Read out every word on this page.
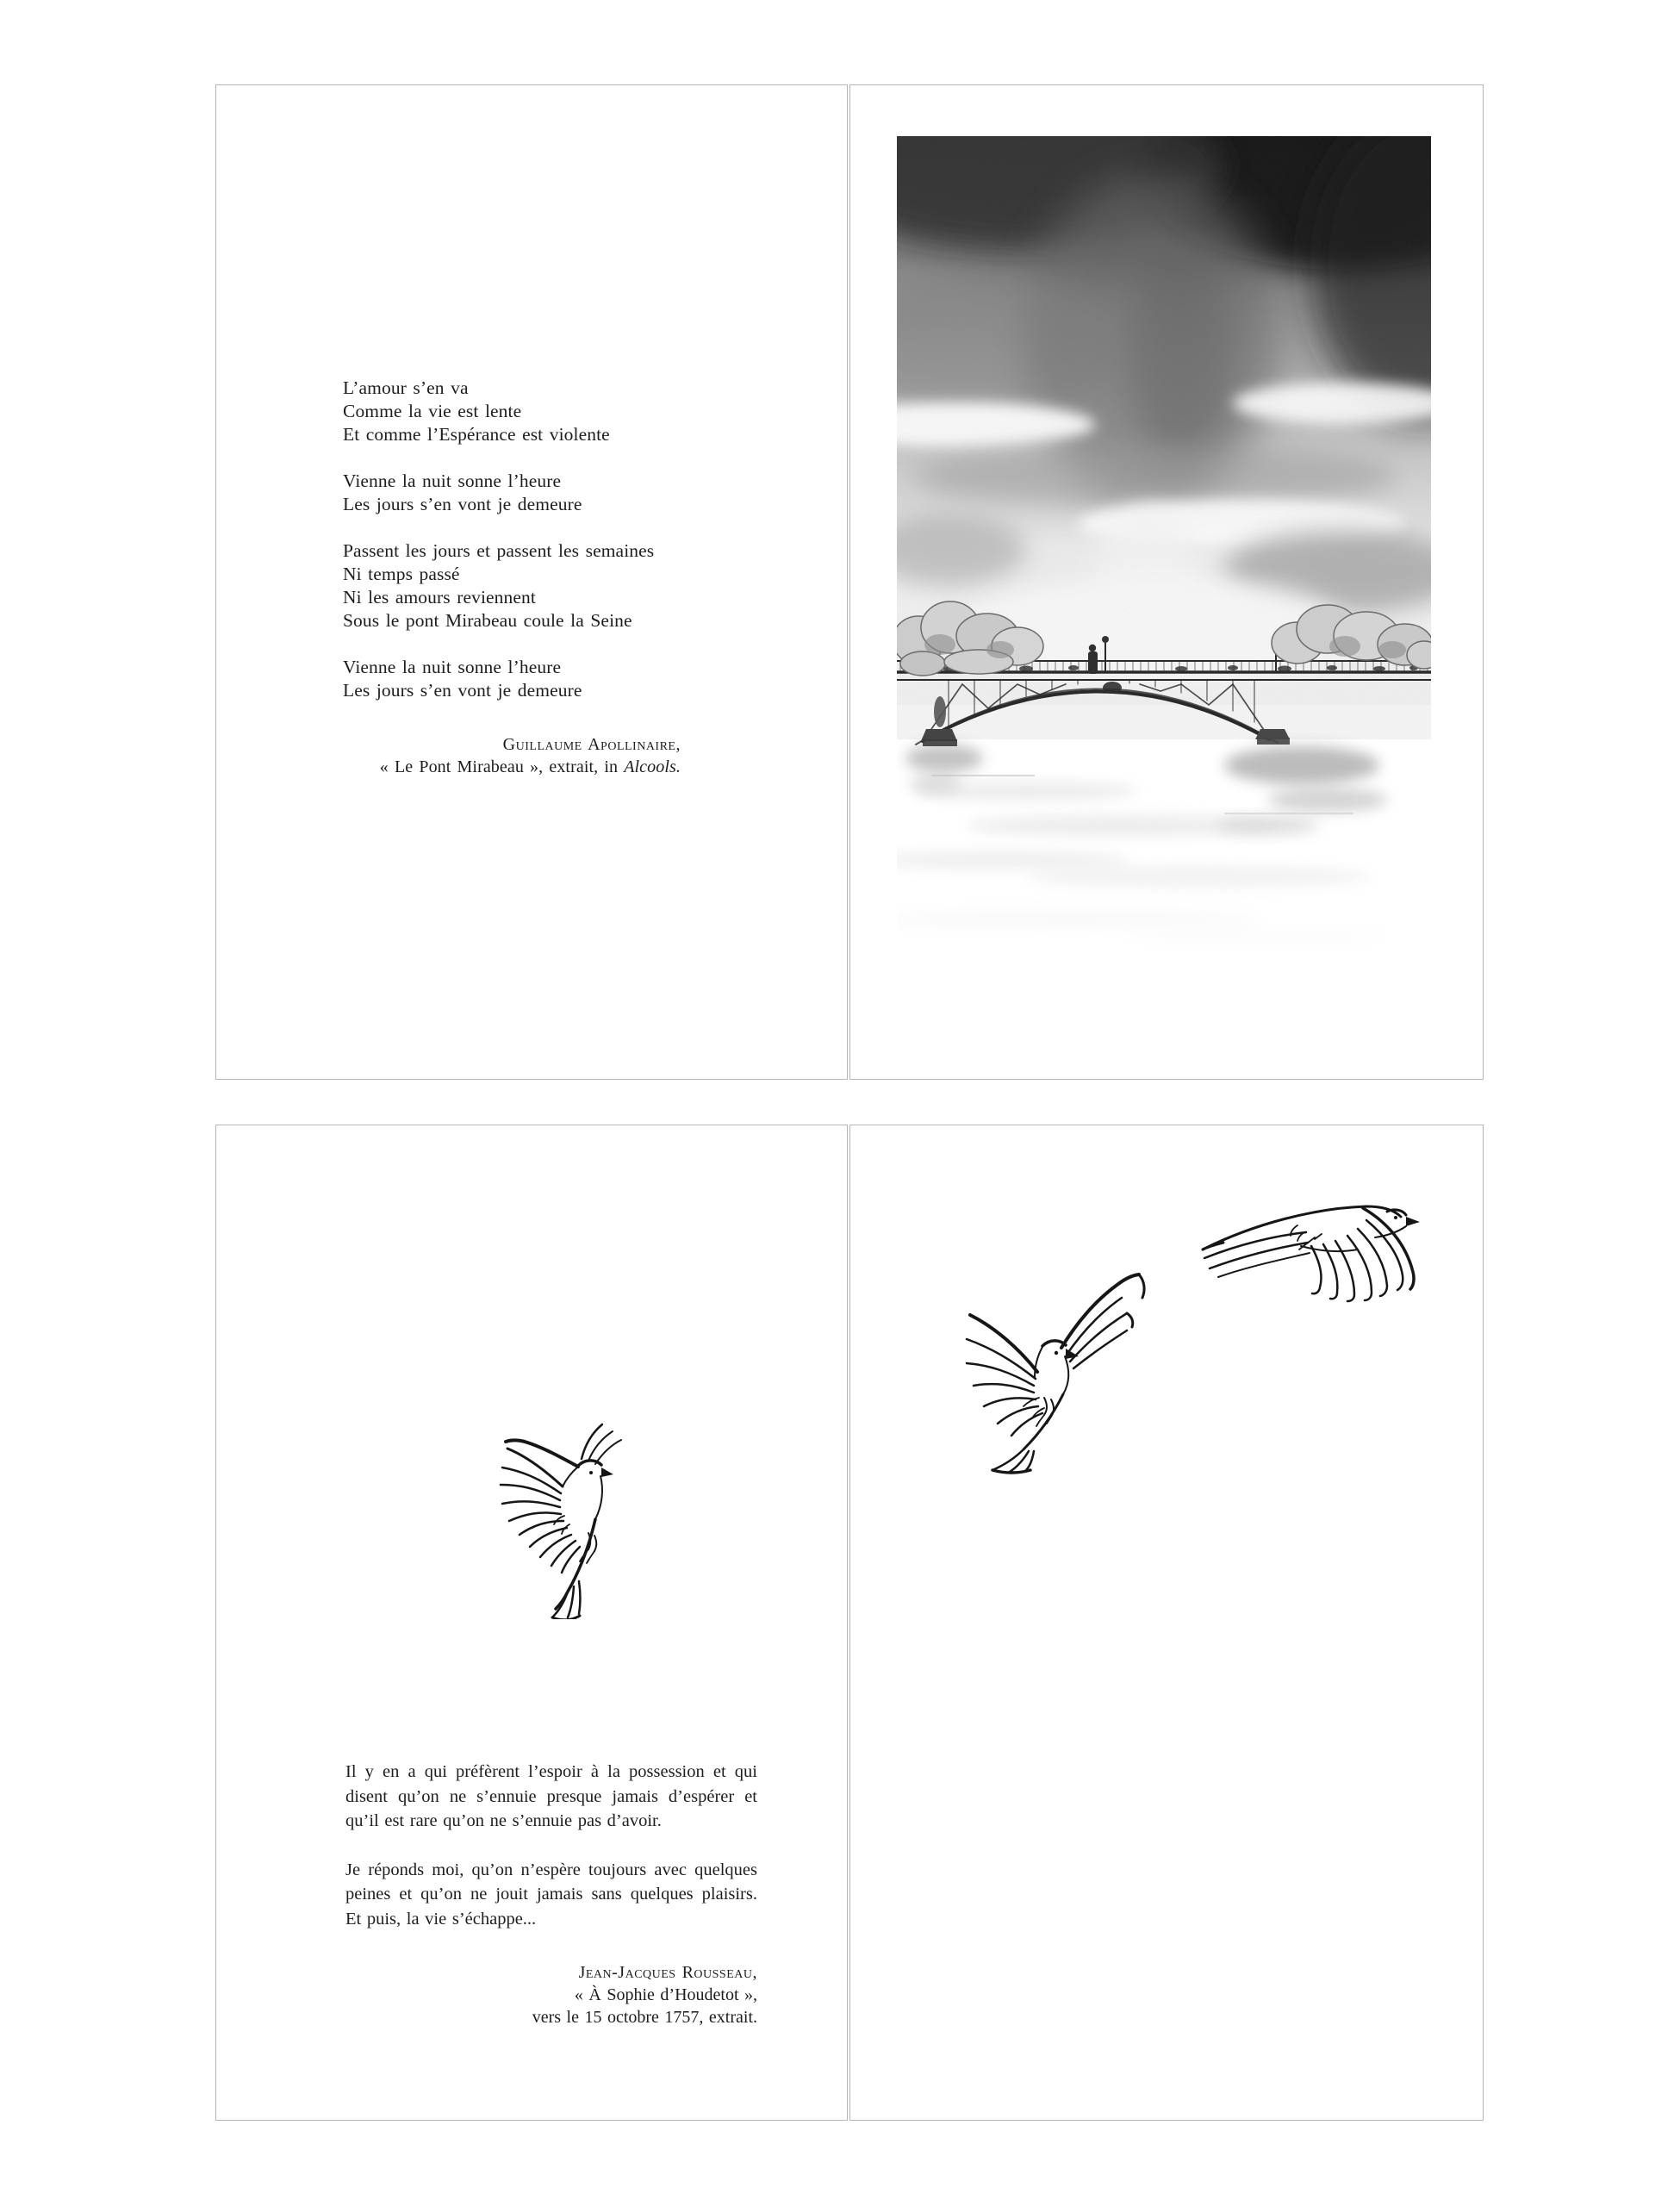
L’amour s’en va
Comme la vie est lente
Et comme l’Espérance est violente
Vienne la nuit sonne l’heure
Les jours s’en vont je demeure
Passent les jours et passent les semaines
Ni temps passé
Ni les amours reviennent
Sous le pont Mirabeau coule la Seine
Vienne la nuit sonne l’heure
Les jours s’en vont je demeure
Guillaume Apollinaire,
« Le Pont Mirabeau », extrait, in Alcools.
Il y en a qui préfèrent l’espoir à la possession et qui
disent qu’on ne s’ennuie presque jamais d’espérer et
qu’il est rare qu’on ne s’ennuie pas d’avoir.
Je réponds moi, qu’on n’espère toujours avec quelques
peines et qu’on ne jouit jamais sans quelques plaisirs.
Et puis, la vie s’échappe...
Jean-Jacques Rousseau,
« À Sophie d’Houdetot »,
vers le 15 octobre 1757, extrait.
